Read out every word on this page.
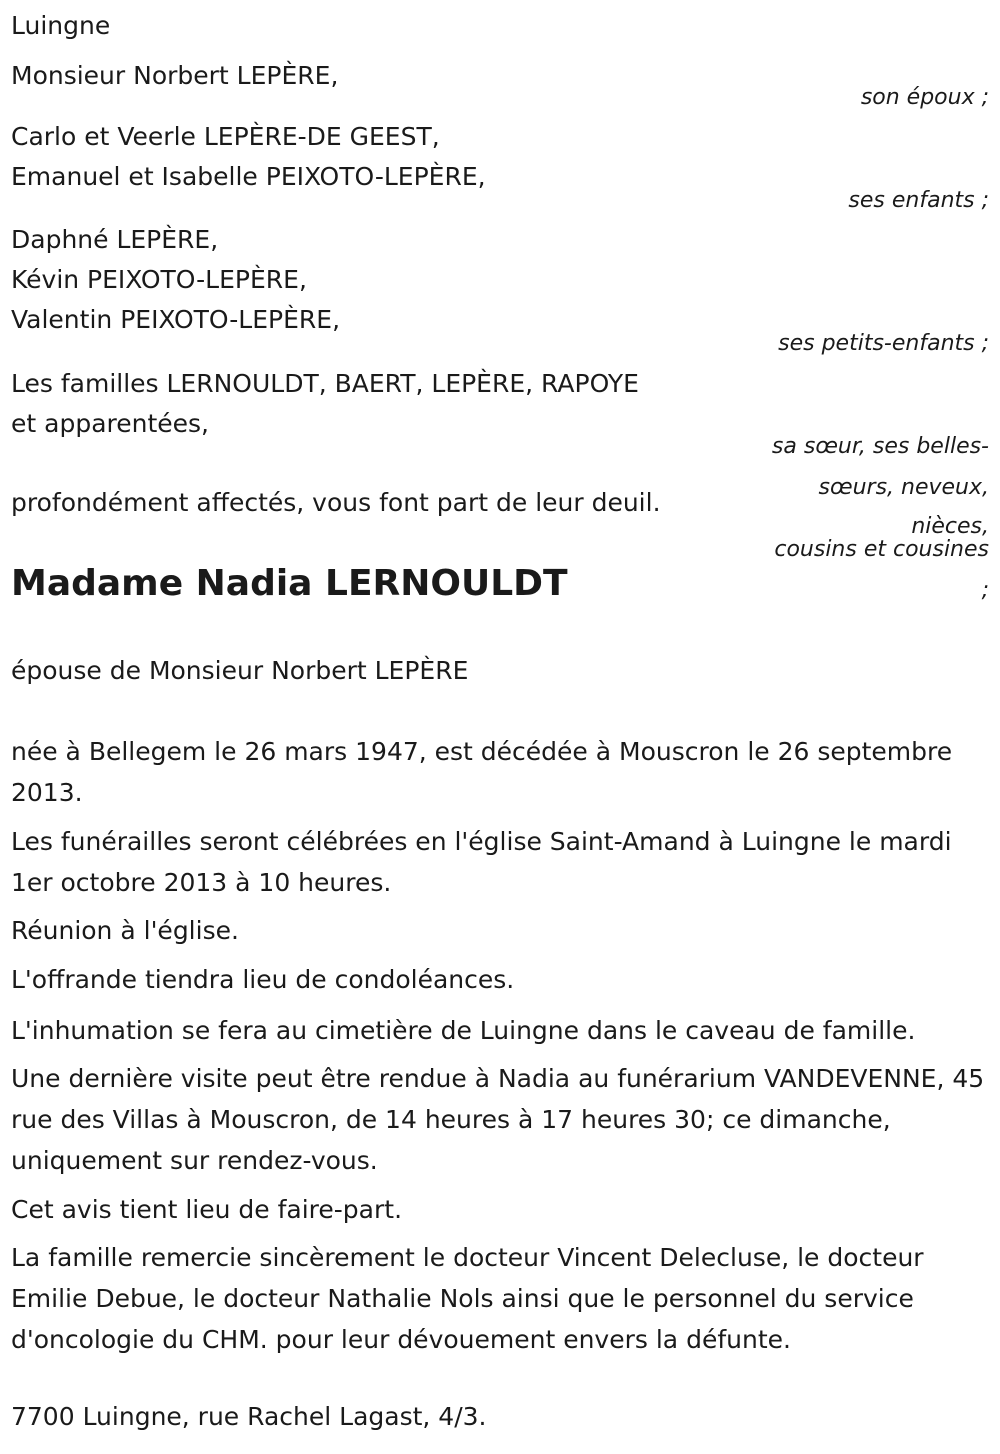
Luingne
Monsieur Norbert LEPÈRE,
son époux ;
Carlo et Veerle LEPÈRE-DE GEEST,
Emanuel et Isabelle PEIXOTO-LEPÈRE,
ses enfants ;
Daphné LEPÈRE,
Kévin PEIXOTO-LEPÈRE,
Valentin PEIXOTO-LEPÈRE,
ses petits-enfants ;
Les familles LERNOULDT, BAERT, LEPÈRE, RAPOYE
et apparentées,
sa sœur, ses belles-
sœurs, neveux,
nièces,
cousins et cousines
;
profondément affectés, vous font part de leur deuil.
Madame Nadia LERNOULDT
épouse de Monsieur Norbert LEPÈRE
née à Bellegem le 26 mars 1947, est décédée à Mouscron le 26 septembre 2013.
Les funérailles seront célébrées en l'église Saint-Amand à Luingne le mardi 1er octobre 2013 à 10 heures.
Réunion à l'église.
L'offrande tiendra lieu de condoléances.
L'inhumation se fera au cimetière de Luingne dans le caveau de famille.
Une dernière visite peut être rendue à Nadia au funérarium VANDEVENNE, 45 rue des Villas à Mouscron, de 14 heures à 17 heures 30; ce dimanche, uniquement sur rendez-vous.
Cet avis tient lieu de faire-part.
La famille remercie sincèrement le docteur Vincent Delecluse, le docteur Emilie Debue, le docteur Nathalie Nols ainsi que le personnel du service d'oncologie du CHM. pour leur dévouement envers la défunte.
7700 Luingne, rue Rachel Lagast, 4/3.
